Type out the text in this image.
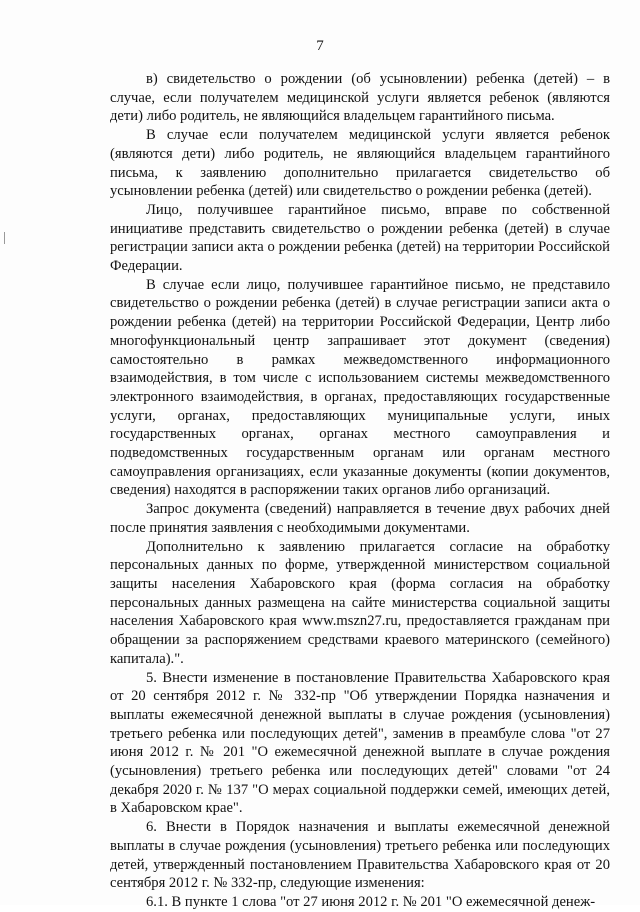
7

в) свидетельство о рождении (об усыновлении) ребенка (детей) – в случае, если получателем медицинской услуги является ребенок (являются дети) либо родитель, не являющийся владельцем гарантийного письма.

В случае если получателем медицинской услуги является ребенок (являются дети) либо родитель, не являющийся владельцем гарантийного письма, к заявлению дополнительно прилагается свидетельство об усыновлении ребенка (детей) или свидетельство о рождении ребенка (детей).

Лицо, получившее гарантийное письмо, вправе по собственной инициативе представить свидетельство о рождении ребенка (детей) в случае регистрации записи акта о рождении ребенка (детей) на территории Российской Федерации.

В случае если лицо, получившее гарантийное письмо, не представило свидетельство о рождении ребенка (детей) в случае регистрации записи акта о рождении ребенка (детей) на территории Российской Федерации, Центр либо многофункциональный центр запрашивает этот документ (сведения) самостоятельно в рамках межведомственного информационного взаимодействия, в том числе с использованием системы межведомственного электронного взаимодействия, в органах, предоставляющих государственные услуги, органах, предоставляющих муниципальные услуги, иных государственных органах, органах местного самоуправления и подведомственных государственным органам или органам местного самоуправления организациях, если указанные документы (копии документов, сведения) находятся в распоряжении таких органов либо организаций.

Запрос документа (сведений) направляется в течение двух рабочих дней после принятия заявления с необходимыми документами.

Дополнительно к заявлению прилагается согласие на обработку персональных данных по форме, утвержденной министерством социальной защиты населения Хабаровского края (форма согласия на обработку персональных данных размещена на сайте министерства социальной защиты населения Хабаровского края www.mszn27.ru, предоставляется гражданам при обращении за распоряжением средствами краевого материнского (семейного) капитала).".

5. Внести изменение в постановление Правительства Хабаровского края от 20 сентября 2012 г. № 332-пр "Об утверждении Порядка назначения и выплаты ежемесячной денежной выплаты в случае рождения (усыновления) третьего ребенка или последующих детей", заменив в преамбуле слова "от 27 июня 2012 г. № 201 "О ежемесячной денежной выплате в случае рождения (усыновления) третьего ребенка или последующих детей" словами "от 24 декабря 2020 г. № 137 "О мерах социальной поддержки семей, имеющих детей, в Хабаровском крае".

6. Внести в Порядок назначения и выплаты ежемесячной денежной выплаты в случае рождения (усыновления) третьего ребенка или последующих детей, утвержденный постановлением Правительства Хабаровского края от 20 сентября 2012 г. № 332-пр, следующие изменения:

6.1. В пункте 1 слова "от 27 июня 2012 г. № 201 "О ежемесячной денеж-
